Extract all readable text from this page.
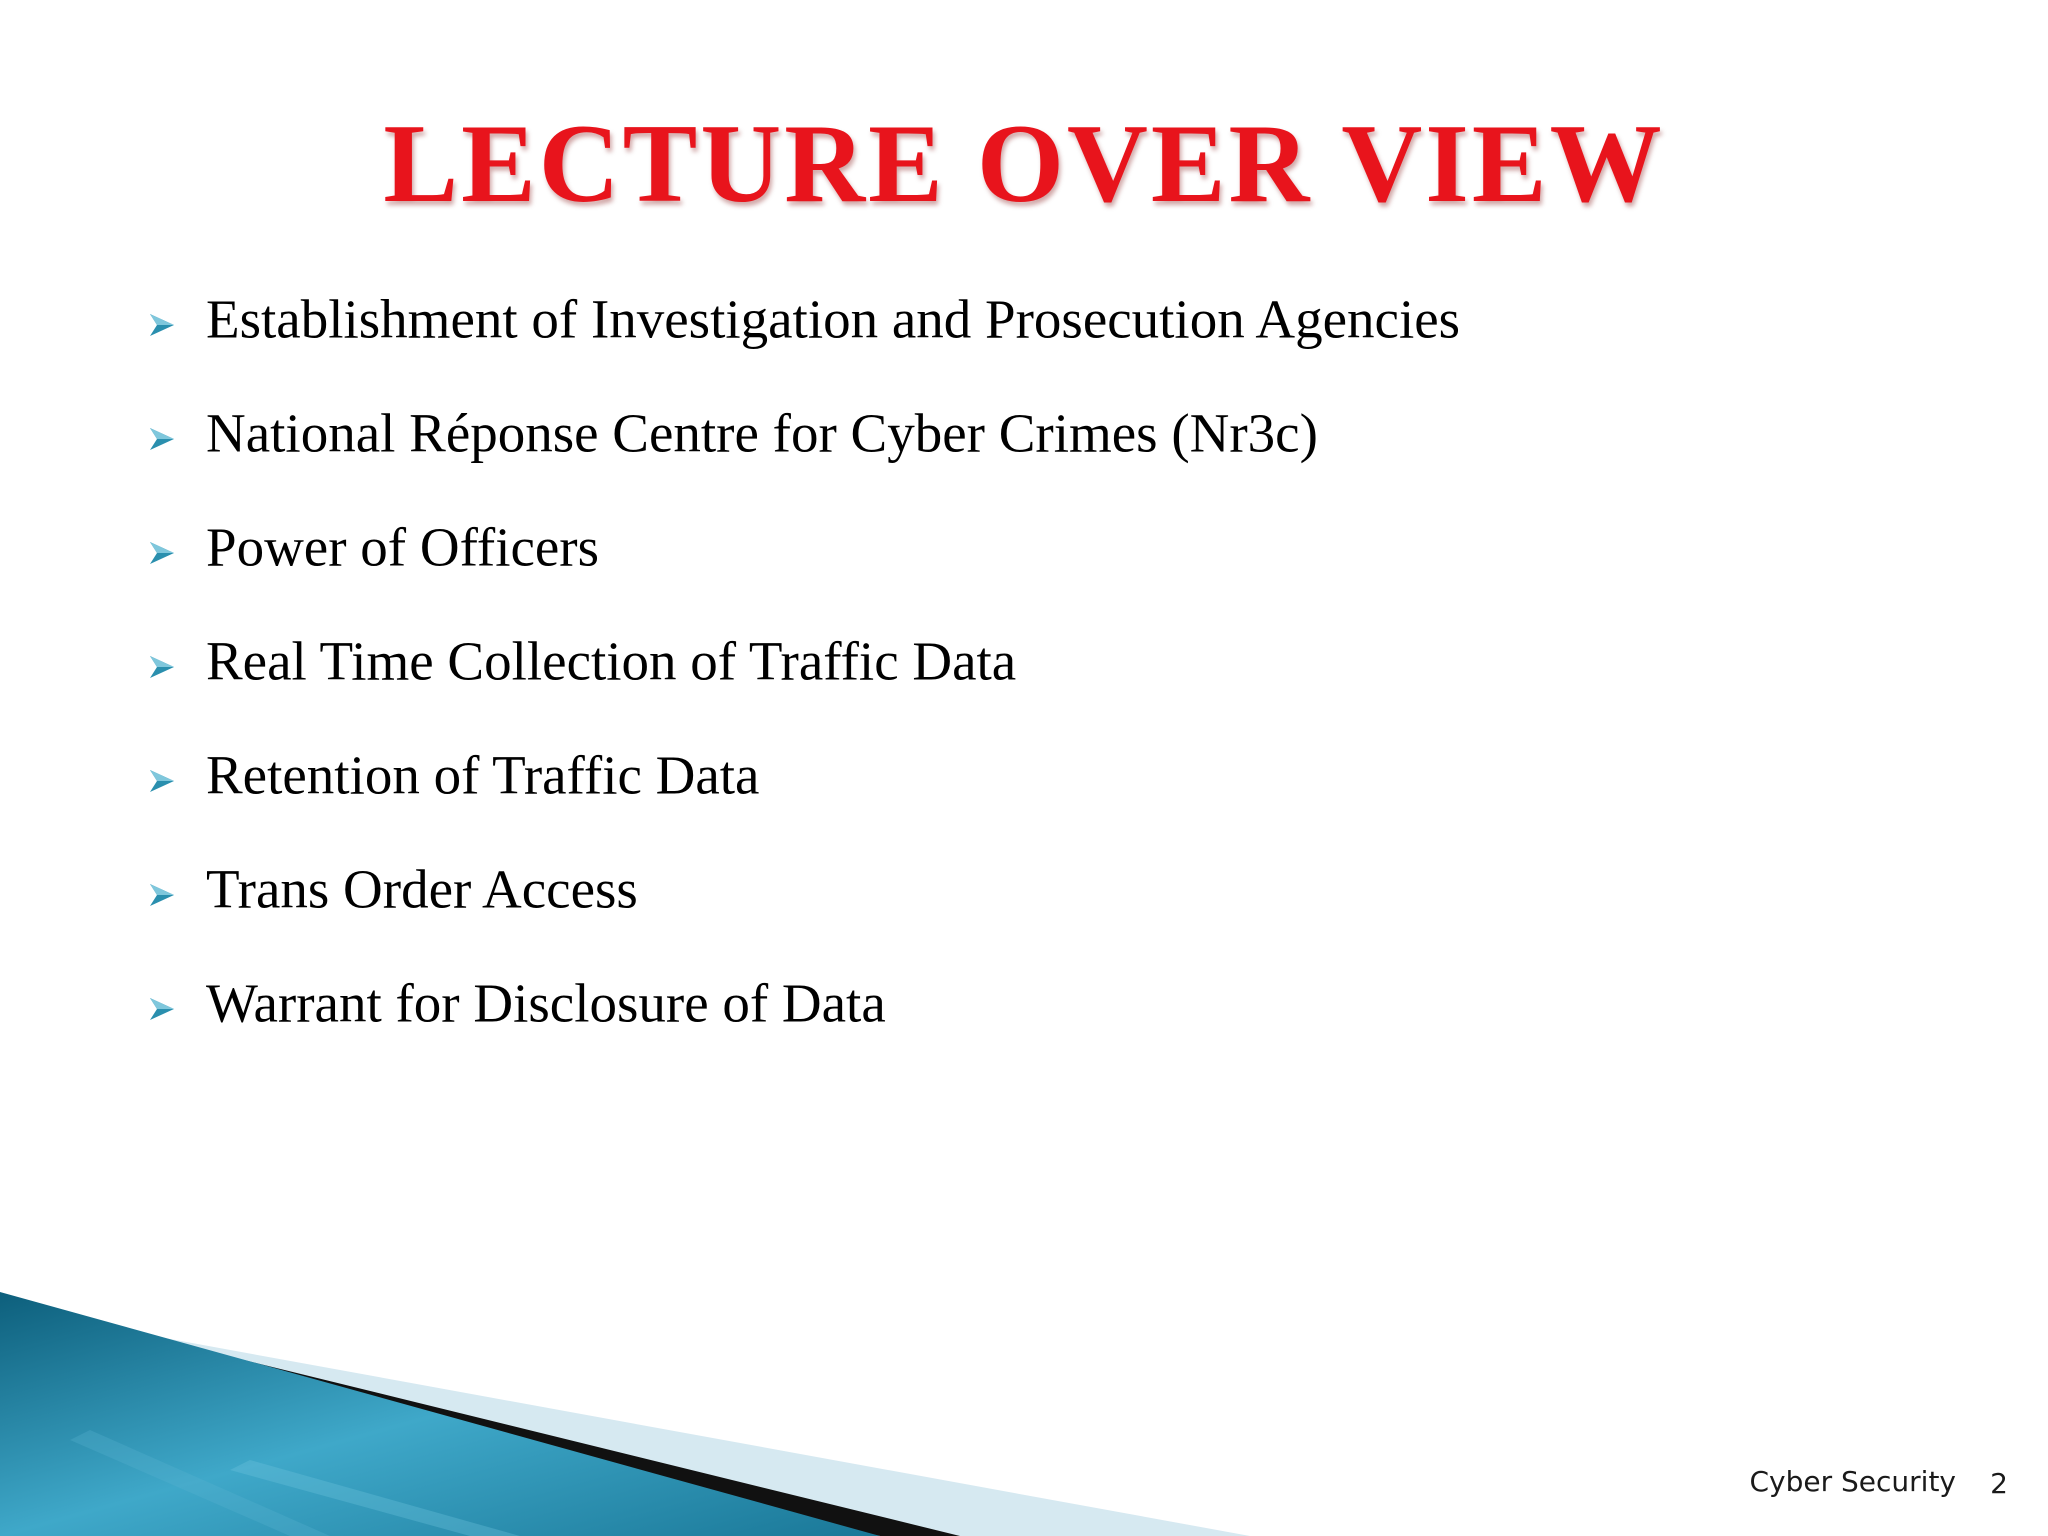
LECTURE OVER VIEW
Establishment of Investigation and Prosecution Agencies
National Réponse Centre for Cyber Crimes (Nr3c)
Power of Officers
Real Time Collection of Traffic Data
Retention of Traffic Data
Trans Order Access
Warrant for Disclosure of Data
Cyber Security 2
